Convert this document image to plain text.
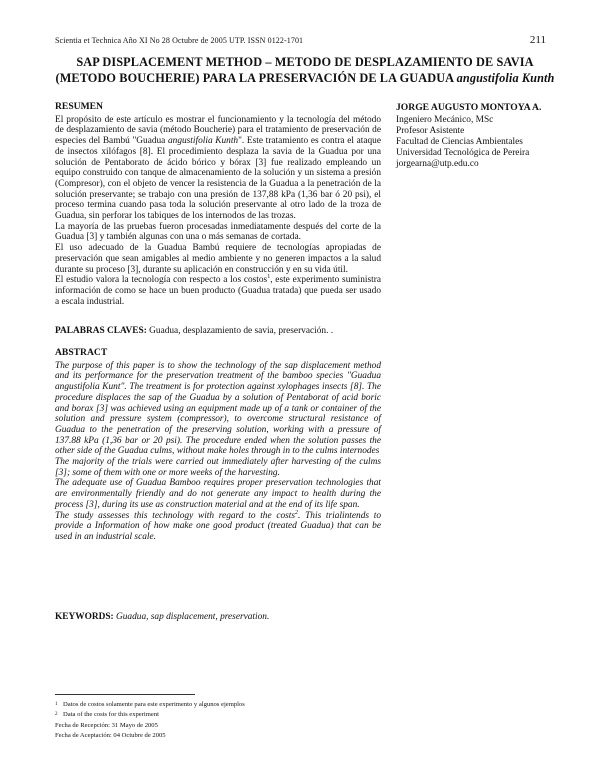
Scientia et Technica Año XI No 28 Octubre de 2005 UTP. ISSN 0122-1701	211
SAP DISPLACEMENT METHOD – METODO DE DESPLAZAMIENTO DE SAVIA
(METODO BOUCHERIE) PARA LA PRESERVACIÓN DE LA GUADUA angustifolia Kunth
RESUMEN

El propósito de este artículo es mostrar el funcionamiento y la tecnología del método de desplazamiento de savia (método Boucherie) para el tratamiento de preservación de especies del Bambú "Guadua angustifolia Kunth". Este tratamiento es contra el ataque de insectos xilófagos [8]. El procedimiento desplaza la savia de la Guadua por una solución de Pentaborato de ácido bórico y bórax [3] fue realizado empleando un equipo construido con tanque de almacenamiento de la solución y un sistema a presión (Compresor), con el objeto de vencer la resistencia de la Guadua a la penetración de la solución preservante; se trabajo con una presión de 137,88 kPa (1,36 bar ó 20 psi), el proceso termina cuando pasa toda la solución preservante al otro lado de la troza de Guadua, sin perforar los tabiques de los internodos de las trozas.

La mayoría de las pruebas fueron procesadas inmediatamente después del corte de la Guadua [3] y también algunas con una o más semanas de cortada.

El uso adecuado de la Guadua Bambú requiere de tecnologías apropiadas de preservación que sean amigables al medio ambiente y no generen impactos a la salud durante su proceso [3], durante su aplicación en construcción y en su vida útil.

El estudio valora la tecnología con respecto a los costos$^1$, este experimento suministra información de como se hace un buen producto (Guadua tratada) que pueda ser usado a escala industrial.

JORGE AUGUSTO MONTOYA A.
Ingeniero Mecánico, MSc
Profesor Asistente
Facultad de Ciencias Ambientales
Universidad Tecnológica de Pereira
jorgearna@utp.edu.co
PALABRAS CLAVES: Guadua, desplazamiento de savia, preservación. .
ABSTRACT

The purpose of this paper is to show the technology of the sap displacement method and its performance for the preservation treatment of the bamboo species "Guadua angustifolia Kunt". The treatment is for protection against xylophages insects [8]. The procedure displaces the sap of the Guadua by a solution of Pentaborat of acid boric and borax [3] was achieved using an equipment made up of a tank or container of the solution and pressure system (compressor), to overcome structural resistance of Guadua to the penetration of the preserving solution, working with a pressure of 137.88 kPa (1,36 bar or 20 psi). The procedure ended when the solution passes the other side of the Guadua culms, without make holes through in to the culms internodes

The majority of the trials were carried out immediately after harvesting of the culms [3]; some of them with one or more weeks of the harvesting.

The adequate use of Guadua Bamboo requires proper preservation technologies that are environmentally friendly and do not generate any impact to health during the process [3], during its use as construction material and at the end of its life span.

The study assesses this technology with regard to the costs$^2$. This trialintends to provide a Information of how make one good product (treated Guadua) that can be used in an industrial scale.

KEYWORDS: Guadua, sap displacement, preservation.
1 Datos de costos solamente para este experimento y algunos ejemplos
2 Data of the costs for this experiment
Fecha de Recepción: 31 Mayo de 2005
Fecha de Aceptación: 04 Octubre de 2005
